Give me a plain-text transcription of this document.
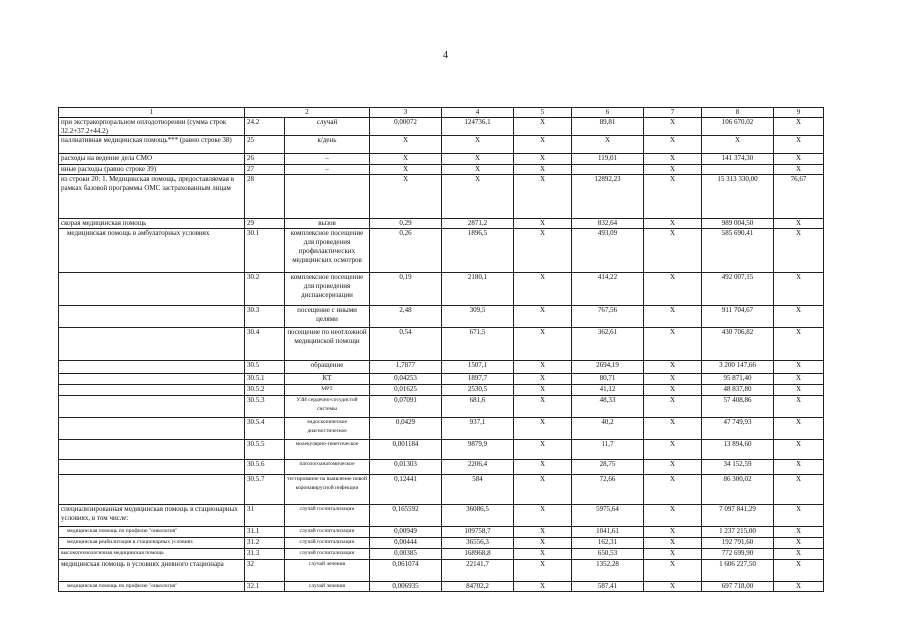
4
1	2		3	4	5	6	7	8	9
при экстракорпоральном оплодотворении (сумма строк 32.2+37.2+44.2)	24.2	случай	0,00072	124736,1	X	89,81	X	106 670,02	X
паллиативная медицинская помощь*** (равно строке 38)	25	к/день	X	X	X	X	X	X	X
расходы на ведение дела СМО	26	–	X	X	X	119,01	X	141 374,30	X
иные расходы (равно строке 39)	27	–	X	X	X		X		X
из строки 20: 1. Медицинская помощь, предоставляемая в рамках базовой программы ОМС застрахованным лицам	28		X	X	X	12892,23	X	15 313 330,00	76,67
скорая медицинская помощь	29	вызов	0,29	2871,2	X	832,64	X	989 004,50	X
медицинская помощь в амбулаторных условиях	30.1	комплексное посещение для проведения профилактических медицинских осмотров	0,26	1896,5	X	493,09	X	585 690,41	X
	30.2	комплексное посещение для проведения диспансеризации	0,19	2180,1	X	414,22	X	492 007,15	X
	30.3	посещение с иными целями	2,48	309,5	X	767,56	X	911 704,67	X
	30.4	посещение по неотложной медицинской помощи	0,54	671,5	X	362,61	X	430 706,82	X
	30.5	обращение	1,7877	1507,1	X	2694,19	X	3 200 147,66	X
	30.5.1	КТ	0,04253	1897,7	X	80,71	X	95 871,40	X
	30.5.2	МРТ	0,01625	2530,5	X	41,12	X	48 837,80	X
	30.5.3	УЗИ сердечно-сосудистой системы	0,07091	681,6	X	48,33	X	57 408,86	X
	30.5.4	эндоскопическое диагностическое	0,0429	937,1	X	40,2	X	47 749,93	X
	30.5.5	молекулярно-генетическое	0,001184	9879,9	X	11,7	X	13 894,60	X
	30.5.6	патологоанатомическое	0,01303	2206,4	X	28,75	X	34 152,59	X
	30.5.7	тестирование на выявление новой коронавирусной инфекции	0,12441	584	X	72,66	X	86 300,02	X
специализированная медицинская помощь в стационарных условиях, в том числе:	31	случай госпитализации	0,165592	36086,5	X	5975,64	X	7 097 841,29	X
медицинская помощь по профилю "онкология"	31.1	случай госпитализации	0,00949	109758,7	X	1041,61	X	1 237 215,00	X
медицинская реабилитация в стационарных условиях	31.2	случай госпитализации	0,00444	36556,3	X	162,31	X	192 791,60	X
высокотехнологичная медицинская помощь	31.3	случай госпитализации	0,00385	168968,8	X	650,53	X	772 699,90	X
медицинская помощь в условиях дневного стационара	32	случай лечения	0,061074	22141,7	X	1352,28	X	1 606 227,50	X
медицинская помощь по профилю "онкология"	32.1	случай лечения	0,006935	84702,2	X	587,41	X	697 718,00	X
